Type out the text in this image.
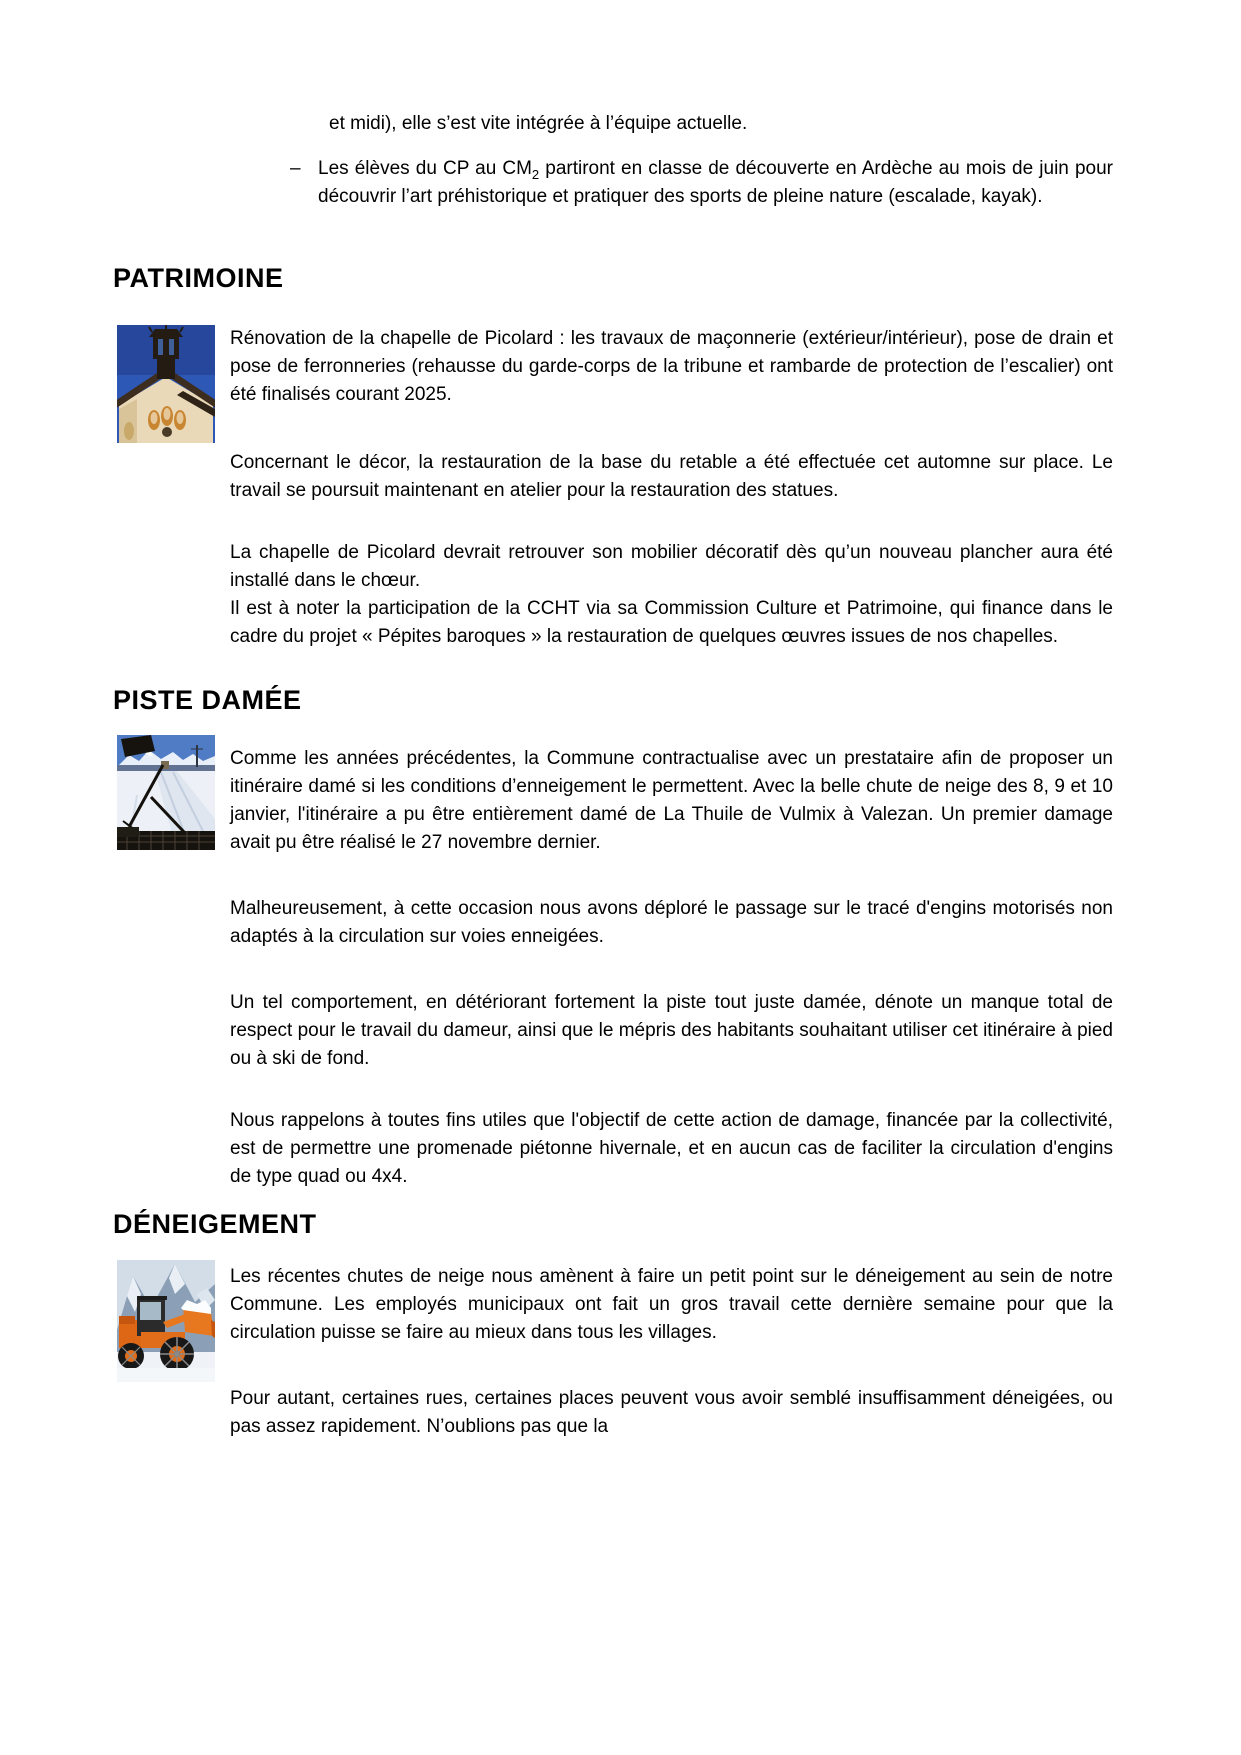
et midi), elle s’est vite intégrée à l’équipe actuelle.

– Les élèves du CP au $CM_2$ partiront en classe de découverte en Ardèche au mois de juin pour découvrir l’art préhistorique et pratiquer des sports de pleine nature (escalade, kayak).

PATRIMOINE

Rénovation de la chapelle de Picolard : les travaux de maçonnerie (extérieur/intérieur), pose de drain et pose de ferronneries (rehausse du garde-corps de la tribune et rambarde de protection de l’escalier) ont été finalisés courant 2025.

Concernant le décor, la restauration de la base du retable a été effectuée cet automne sur place. Le travail se poursuit maintenant en atelier pour la restauration des statues.

La chapelle de Picolard devrait retrouver son mobilier décoratif dès qu’un nouveau plancher aura été installé dans le chœur.

Il est à noter la participation de la CCHT via sa Commission Culture et Patrimoine, qui finance dans le cadre du projet « Pépites baroques » la restauration de quelques œuvres issues de nos chapelles.

PISTE DAMÉE

Comme les années précédentes, la Commune contractualise avec un prestataire afin de proposer un itinéraire damé si les conditions d’enneigement le permettent. Avec la belle chute de neige des 8, 9 et 10 janvier, l'itinéraire a pu être entièrement damé de La Thuile de Vulmix à Valezan. Un premier damage avait pu être réalisé le 27 novembre dernier.

Malheureusement, à cette occasion nous avons déploré le passage sur le tracé d'engins motorisés non adaptés à la circulation sur voies enneigées.

Un tel comportement, en détériorant fortement la piste tout juste damée, dénote un manque total de respect pour le travail du dameur, ainsi que le mépris des habitants souhaitant utiliser cet itinéraire à pied ou à ski de fond.

Nous rappelons à toutes fins utiles que l'objectif de cette action de damage, financée par la collectivité, est de permettre une promenade piétonne hivernale, et en aucun cas de faciliter la circulation d'engins de type quad ou 4x4.

DÉNEIGEMENT

Les récentes chutes de neige nous amènent à faire un petit point sur le déneigement au sein de notre Commune. Les employés municipaux ont fait un gros travail cette dernière semaine pour que la circulation puisse se faire au mieux dans tous les villages.

Pour autant, certaines rues, certaines places peuvent vous avoir semblé insuffisamment déneigées, ou pas assez rapidement. N’oublions pas que la
